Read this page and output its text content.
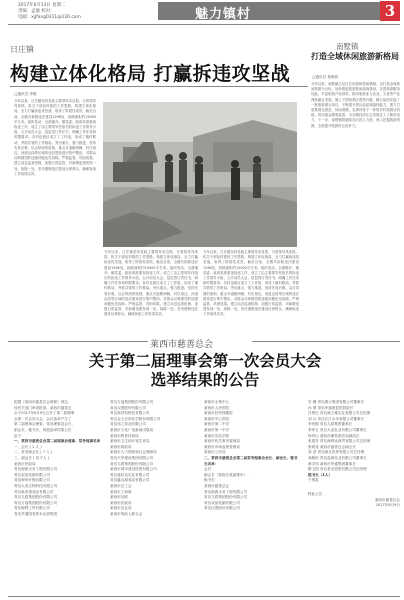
2017年6月13日 星期二
责编：孟敏 校对：
电邮：xjjfang0311@126.com	魅力镇村	3
日庄镇
构建立体化格局 打赢拆违攻坚战
□通讯员 李强
今年以来，日庄镇坚持党政主要领导亲自抓、分管领导具体抓、机关干部包村抓的工作思路，构建立体化格局，全力打赢拆违攻坚战，取得了阶段性成效。截至目前，全镇共拆除违法建设1296处，拆除面积约15000平方米。组织发动，全面铺开。镇党委、政府高度重视拆违工作，成立了由主要领导任组长的拆违工作领导小组，召开动员大会，层层签订责任书，明确工作任务和时限要求。各村也相应成立了工作组，形成了镇村联动、齐抓共管的工作格局。突出重点，强力推进。坚持先易后难、以点带面的原则，重点对道路两侧、村庄周边、河道沿线等区域的违法建设进行集中整治，对群众反映强烈的违建问题优先拆除。严格监管，巩固成果。建立动态巡查机制，加强日常监管，对新增违建发现一处、拆除一处，坚决遏制违法建设反弹势头，确保拆违工作取得实效。
今年以来，日庄镇坚持党政主要领导亲自抓、分管领导具体抓、机关干部包村抓的工作思路，构建立体化格局，全力打赢拆违攻坚战，取得了阶段性成效。截至目前，全镇共拆除违法建设1296处，拆除面积约15000平方米。组织发动，全面铺开。镇党委、政府高度重视拆违工作，成立了由主要领导任组长的拆违工作领导小组，召开动员大会，层层签订责任书，明确工作任务和时限要求。各村也相应成立了工作组，形成了镇村联动、齐抓共管的工作格局。突出重点，强力推进。坚持先易后难、以点带面的原则，重点对道路两侧、村庄周边、河道沿线等区域的违法建设进行集中整治，对群众反映强烈的违建问题优先拆除。严格监管，巩固成果。建立动态巡查机制，加强日常监管，对新增违建发现一处、拆除一处，坚决遏制违法建设反弹势头，确保拆违工作取得实效。
今年以来，日庄镇坚持党政主要领导亲自抓、分管领导具体抓、机关干部包村抓的工作思路，构建立体化格局，全力打赢拆违攻坚战，取得了阶段性成效。截至目前，全镇共拆除违法建设1296处，拆除面积约15000平方米。组织发动，全面铺开。镇党委、政府高度重视拆违工作，成立了由主要领导任组长的拆违工作领导小组，召开动员大会，层层签订责任书，明确工作任务和时限要求。各村也相应成立了工作组，形成了镇村联动、齐抓共管的工作格局。突出重点，强力推进。坚持先易后难、以点带面的原则，重点对道路两侧、村庄周边、河道沿线等区域的违法建设进行集中整治，对群众反映强烈的违建问题优先拆除。严格监管，巩固成果。建立动态巡查机制，加强日常监管，对新增违建发现一处、拆除一处，坚决遏制违法建设反弹势头，确保拆违工作取得实效。
南墅镇
打造全域休闲旅游新格局
□通讯员 郑海燕
今年以来，南墅镇立足区位优势和资源禀赋，以打造全域休闲旅游为目标，加快推进旅游基础设施建设，完善旅游服务功能，丰富旅游产品供给，推动旅游业与农业、文化等产业深度融合发展。镇上下围绕景区提档升级，精心组织实施了一批旅游重点项目，不断提升景区品质和接待能力，着力打造集观光游览、休闲度假、农事体验于一体的乡村旅游目的地，带动群众增收致富，为全镇经济社会发展注入了新的活力。下一步，南墅镇将继续加大投入力度，深入挖掘旅游资源，全面提升旅游综合竞争力。
莱西市慈善总会
关于第二届理事会第一次会员大会
选举结果的公告
根据《莱西市慈善总会章程》规定，
经有关部门审查批准，莱西市慈善总
会于2017年6月9日召开了第二届理事
会第一次会员大会，会议选举产生了
第二届理事会理事、常务理事及会长、
副会长、秘书长。现将选举结果公告
如下：
一、莱西市慈善总会第二届理事会理事、常务理事名单
一、会长 ( 1 人 )
二、常务副会长 ( 7 人 )
三、副会长 ( 若干人 )
莱西市民政局
青岛海派水务工程有限公司
青岛双星轮胎有限公司
青岛海华纤维有限公司
青岛大成生物科技有限公司
青岛新希望食品有限公司
青岛九联集团股份有限公司
青岛万福集团股份有限公司
青岛海利工贸有限公司
青岛华通国有资本运营集团
青岛万福集团股份有限公司
青岛汉缆股份有限公司
青岛新材料科技有限公司
青岛金王应用化学股份有限公司
青岛伟立食品有限公司
莱西市文化广电新闻出版局
莱西市教育体育局
莱西市卫生和计划生育局
莱西市财政局
莱西市人力资源和社会保障局
青岛兴华建设集团有限公司
青岛九联集团股份有限公司
莱西市城市建设投资有限公司
青岛盛旺达实业有限公司
青岛鑫山源食品有限公司
莱西市总工会
莱西市工商联
莱西市妇联
莱西市民政局
莱西市农业局
莱西市残疾人联合会
莱西市水集中心
莱西市人民医院
莱西市妇幼保健院
莱西市中心医院
莱西市第二中学
莱西市第一中学
莱西市实验学校
莱西市机关事务管理局
莱西市市场监督管理局
莱西市公安局
二、莱西市慈善总会第二届常务理事会会长、副会长、秘书长名单：
会长：
副会长（按姓氏笔画排序）：
秘书长：
莱西市慈善总会
青岛海派水务工程有限公司
青岛九联集团股份有限公司
青岛双星轮胎有限公司
青岛汉缆股份有限公司
史 骥 青岛康大集团有限公司董事长
孙 勇 青岛华盛康复医院院长
吕维宏 青岛威立雅实业有限公司总经理
刘 兵 青岛长江水务有限公司董事长
李有刚 青岛九联集团董事长
李家玉 青岛大亚乳业有限公司董事长
杨青山 莱西市畜牧兽医局副局长
张建芳 青岛海利达商贸有限公司总经理
张明尧 莱西市慈善总会副会长
高 剑 青岛海友投资有限公司总经理
高峻松 青岛蓝海实业有限公司董事长
黄学伟 莱西市华通集团董事长
隋卫国 青岛泰光投资有限公司总经理
秘书长（1人）
于维富
特此公告
莱西市慈善总会
2017年6月9日
